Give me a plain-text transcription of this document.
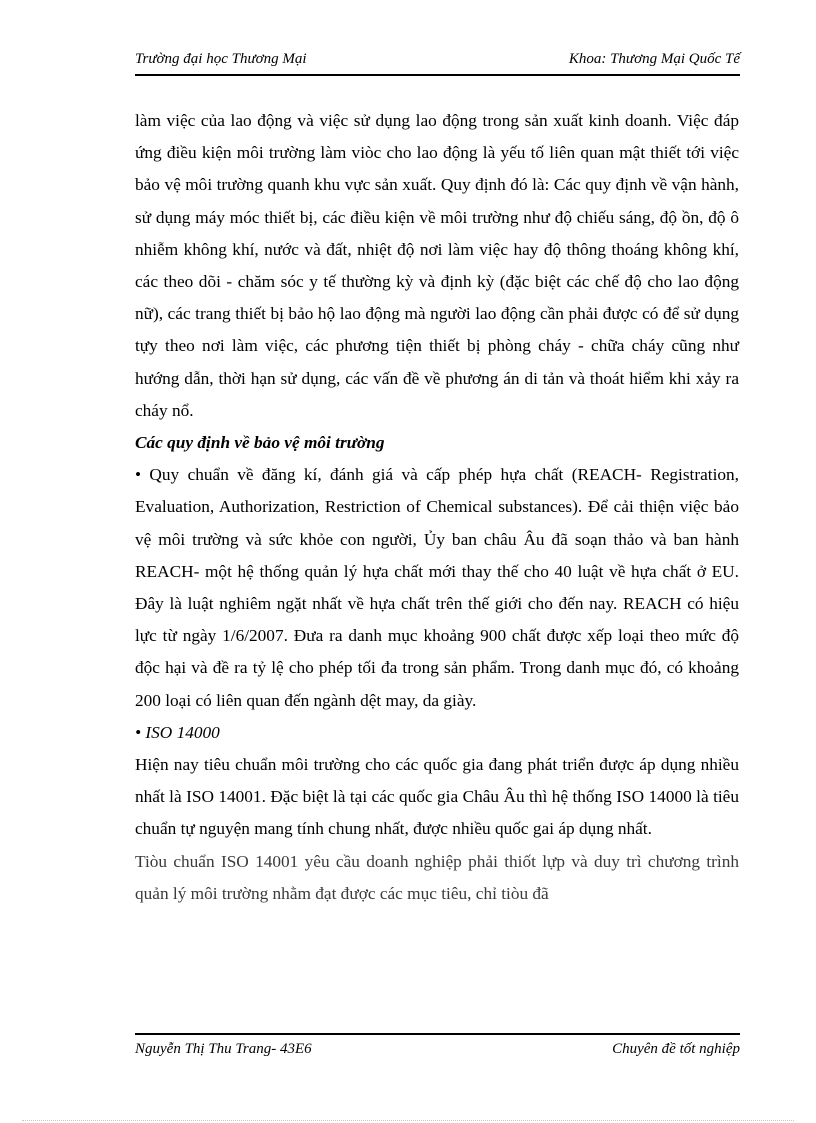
Trường đại học Thương Mại	Khoa: Thương Mại Quốc Tế

làm việc của lao động và việc sử dụng lao động trong sản xuất kinh doanh. Việc đáp ứng điều kiện môi trường làm viòc cho lao động là yếu tố liên quan mật thiết tới việc bảo vệ môi trường quanh khu vực sản xuất. Quy định đó là: Các quy định về vận hành, sử dụng máy móc thiết bị, các điều kiện về môi trường như độ chiếu sáng, độ ồn, độ ô nhiễm không khí, nước và đất, nhiệt độ nơi làm việc hay độ thông thoáng không khí, các theo dõi - chăm sóc y tế thường kỳ và định kỳ (đặc biệt các chế độ cho lao động nữ), các trang thiết bị bảo hộ lao động mà người lao động cần phải được có để sử dụng tựy theo nơi làm việc, các phương tiện thiết bị phòng cháy - chữa cháy cũng như hướng dẫn, thời hạn sử dụng, các vấn đề về phương án di tản và thoát hiểm khi xảy ra cháy nổ.

Các quy định về bảo vệ môi trường

• Quy chuẩn về đăng kí, đánh giá và cấp phép hựa chất (REACH- Registration, Evaluation, Authorization, Restriction of Chemical substances). Để cải thiện việc bảo vệ môi trường và sức khỏe con người, Ủy ban châu Âu đã soạn thảo và ban hành REACH- một hệ thống quản lý hựa chất mới thay thế cho 40 luật về hựa chất ở EU. Đây là luật nghiêm ngặt nhất về hựa chất trên thế giới cho đến nay. REACH có hiệu lực từ ngày 1/6/2007. Đưa ra danh mục khoảng 900 chất được xếp loại theo mức độ độc hại và đề ra tỷ lệ cho phép tối đa trong sản phẩm. Trong danh mục đó, có khoảng 200 loại có liên quan đến ngành dệt may, da giày.

• ISO 14000

Hiện nay tiêu chuẩn môi trường cho các quốc gia đang phát triển được áp dụng nhiều nhất là ISO 14001. Đặc biệt là tại các quốc gia Châu Âu thì hệ thống ISO 14000 là tiêu chuẩn tự nguyện mang tính chung nhất, được nhiều quốc gai áp dụng nhất.

Tiòu chuẩn ISO 14001 yêu cầu doanh nghiệp phải thiốt lựp và duy trì chương trình quản lý môi trường nhằm đạt được các mục tiêu, chỉ tiòu đã

Nguyễn Thị Thu Trang- 43E6	Chuyên đề tốt nghiệp
